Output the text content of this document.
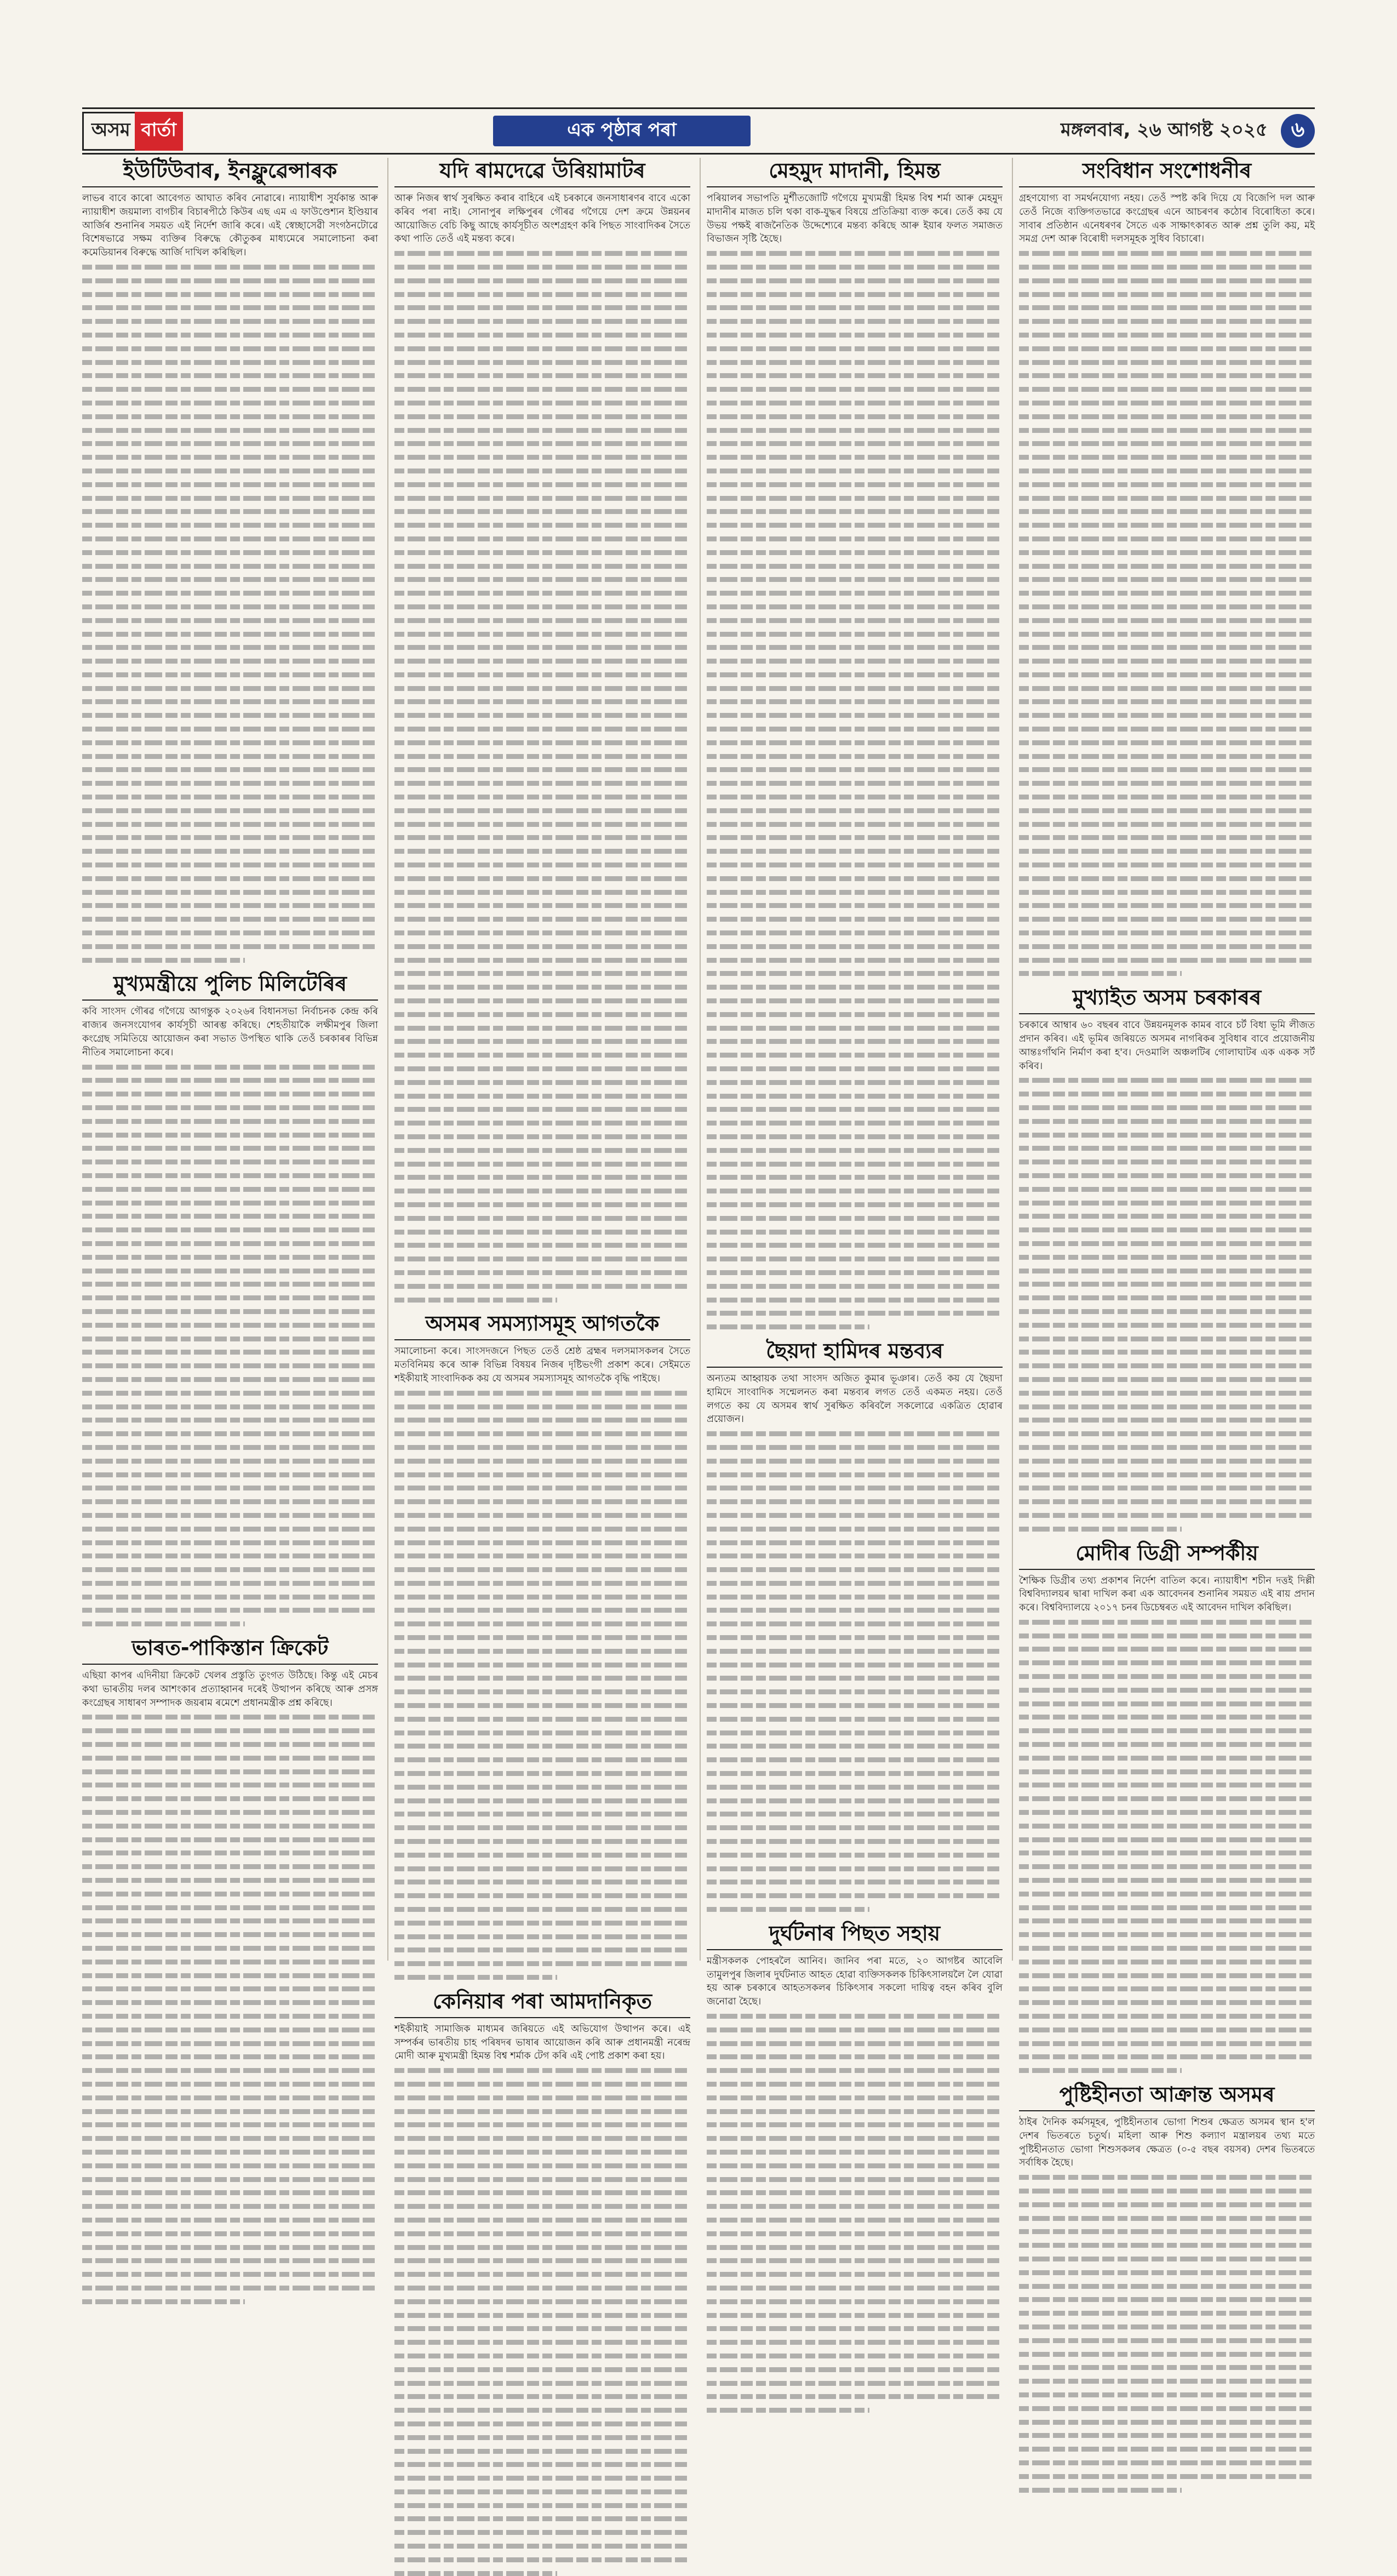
অসম বাৰ্তা	এক পৃষ্ঠাৰ পৰা	মঙ্গলবাৰ, ২৬ আগষ্ট ২০২৫	৬
ইউটিউবাৰ, ইনফ্লুৱেন্সাৰক

লাভৰ বাবে কাৰো আবেগত আঘাত কৰিব নোৱাৰে। ন্যায়াধীশ সুৰ্যকান্ত আৰু ন্যায়াধীশ জয়মাল্য বাগচীৰ বিচাৰপীঠে কিউৰ এছ এম এ ফাউণ্ডেশ্যন ইণ্ডিয়াৰ আৰ্জিৰ শুনানিৰ সময়ত এই নিৰ্দেশ জাৰি কৰে। এই স্বেচ্ছাসেৱী সংগঠনটোৱে বিশেষভাৱে সক্ষম ব্যক্তিৰ বিৰুদ্ধে কৌতুকৰ মাধ্যমেৰে সমালোচনা কৰা কমেডিয়ানৰ বিৰুদ্ধে আৰ্জি দাখিল কৰিছিল।

মুখ্যমন্ত্ৰীয়ে পুলিচ মিলিটেৰিৰ

কবি সাংসদ গৌৰৱ গগৈয়ে আগন্তুক ২০২৬ৰ বিধানসভা নিৰ্বাচনক কেন্দ্ৰ কৰি ৰাজ্যৰ জনসংযোগৰ কাৰ্যসূচী আৰম্ভ কৰিছে। শেহতীয়াকৈ লক্ষীমপুৰ জিলা কংগ্ৰেছ সমিতিয়ে আয়োজন কৰা সভাত উপস্থিত থাকি তেওঁ চৰকাৰৰ বিভিন্ন নীতিৰ সমালোচনা কৰে।

ভাৰত-পাকিস্তান ক্ৰিকেট

এছিয়া কাপৰ এদিনীয়া ক্ৰিকেট খেলৰ প্ৰস্তুতি তুংগত উঠিছে। কিন্তু এই মেচৰ কথা ভাৰতীয় দলৰ আশংকাৰ প্ৰত্যাহ্বানৰ দৰেই উত্থাপন কৰিছে আৰু প্ৰসঙ্গ কংগ্ৰেছৰ সাধাৰণ সম্পাদক জয়ৰাম ৰমেশে প্ৰধানমন্ত্ৰীক প্ৰশ্ন কৰিছে।

যদি ৰামদেৱে উৰিয়ামাটৰ

আৰু নিজৰ স্বাৰ্থ সুৰক্ষিত কৰাৰ বাহিৰে এই চৰকাৰে জনসাধাৰণৰ বাবে একো কৰিব পৰা নাই। সোনাপুৰ লক্ষিপুৰৰ গৌৰৱ গগৈয়ে দেশ ক্ৰমে উন্নয়নৰ আয়োজিত বেচি কিছু আছে কাৰ্যসূচীত অংশগ্ৰহণ কৰি পিছত সাংবাদিকৰ সৈতে কথা পাতি তেওঁ এই মন্তব্য কৰে।

অসমৰ সমস্যাসমূহ আগতকৈ

সমালোচনা কৰে। সাংসদজনে পিছত তেওঁ শ্ৰেষ্ঠ ব্ৰহ্মৰ দলসমাসকলৰ সৈতে মতবিনিময় কৰে আৰু বিভিন্ন বিষয়ৰ নিজৰ দৃষ্টিভংগী প্ৰকাশ কৰে। সেইমতে শইকীয়াই সাংবাদিকক কয় যে অসমৰ সমস্যাসমূহ আগতকৈ বৃদ্ধি পাইছে।

কেনিয়াৰ পৰা আমদানিকৃত

শইকীয়াই সামাজিক মাধ্যমৰ জৰিয়তে এই অভিযোগ উত্থাপন কৰে। এই সম্পৰ্কৰ ভাৰতীয় চাহ পৰিষদৰ ভাষাৰ আয়োজন কৰি আৰু প্ৰধানমন্ত্ৰী নৰেন্দ্ৰ মোদী আৰু মুখ্যমন্ত্ৰী হিমন্ত বিশ্ব শৰ্মাক টেগ কৰি এই পোষ্ট প্ৰকাশ কৰা হয়।

মেহমুদ মাদানী, হিমন্ত

পৰিয়ালৰ সভাপতি মুৰ্শীতজোটি গগৈয়ে মুখ্যমন্ত্ৰী হিমন্ত বিশ্ব শৰ্মা আৰু মেহমুদ মাদানীৰ মাজত চলি থকা বাক-যুদ্ধৰ বিষয়ে প্ৰতিক্ৰিয়া ব্যক্ত কৰে। তেওঁ কয় যে উভয় পক্ষই ৰাজনৈতিক উদ্দেশ্যেৰে মন্তব্য কৰিছে আৰু ইয়াৰ ফলত সমাজত বিভাজন সৃষ্টি হৈছে।

ছৈয়দা হামিদৰ মন্তব্যৰ

অন্যতম আহ্বায়ক তথা সাংসদ অজিত কুমাৰ ভূঞাৰ। তেওঁ কয় যে ছৈয়দা হামিদে সাংবাদিক সন্মেলনত কৰা মন্তব্যৰ লগত তেওঁ একমত নহয়। তেওঁ লগতে কয় যে অসমৰ স্বাৰ্থ সুৰক্ষিত কৰিবলৈ সকলোৱে একত্ৰিত হোৱাৰ প্ৰয়োজন।

দুৰ্ঘটনাৰ পিছত সহায়

মন্ত্ৰীসকলক পোহৰলৈ আনিব। জানিব পৰা মতে, ২০ আগষ্টৰ আবেলি তামুলপুৰ জিলাৰ দুৰ্ঘটনাত আহত হোৱা ব্যক্তিসকলক চিকিৎসালয়লৈ লৈ যোৱা হয় আৰু চৰকাৰে আহতসকলৰ চিকিৎসাৰ সকলো দায়িত্ব বহন কৰিব বুলি জনোৱা হৈছে।

সংবিধান সংশোধনীৰ

গ্ৰহণযোগ্য বা সমৰ্থনযোগ্য নহয়। তেওঁ স্পষ্ট কৰি দিয়ে যে বিজেপি দল আৰু তেওঁ নিজে ব্যক্তিগতভাৱে কংগ্ৰেছৰ এনে আচৰণৰ কঠোৰ বিৰোধিতা কৰে। সাবাৰ প্ৰতিষ্ঠান এনেধৰণৰ সৈতে এক সাক্ষাৎকাৰত আৰু প্ৰশ্ন তুলি কয়, মই সমগ্ৰ দেশ আৰু বিৰোধী দলসমূহক সুধিব বিচাৰো।

মুখ্যাইত অসম চৰকাৰৰ

চৰকাৰে আম্বাৰ ৬০ বছৰৰ বাবে উন্নয়নমূলক কামৰ বাবে চৰ্ট বিধা ভূমি লীজত প্ৰদান কৰিব। এই ভূমিৰ জৰিয়তে অসমৰ নাগৰিকৰ সুবিধাৰ বাবে প্ৰয়োজনীয় আন্তঃগাঁথনি নিৰ্মাণ কৰা হ'ব। দেওমালি অঞ্চলটিৰ গোলাঘাটৰ এক একক সৰ্ট কৰিব।

মোদীৰ ডিগ্ৰী সম্পৰ্কীয়

শৈক্ষিক ডিগ্ৰীৰ তথ্য প্ৰকাশৰ নিৰ্দেশ বাতিল কৰে। ন্যায়াধীশ শচীন দত্তই দিল্লী বিশ্ববিদ্যালয়ৰ দ্বাৰা দাখিল কৰা এক আবেদনৰ শুনানিৰ সময়ত এই ৰায় প্ৰদান কৰে। বিশ্ববিদ্যালয়ে ২০১৭ চনৰ ডিচেম্বৰত এই আবেদন দাখিল কৰিছিল।

পুষ্টিহীনতা আক্ৰান্ত অসমৰ

ঠাইৰ দৈনিক কৰ্মসমূহৰ, পুষ্টিহীনতাৰ ভোগা শিশুৰ ক্ষেত্ৰত অসমৰ স্থান হ'ল দেশৰ ভিতৰতে চতুৰ্থ। মহিলা আৰু শিশু কল্যাণ মন্ত্ৰালয়ৰ তথ্য মতে পুষ্টিহীনতাত ভোগা শিশুসকলৰ ক্ষেত্ৰত (০-৫ বছৰ বয়সৰ) দেশৰ ভিতৰতে সৰ্বাধিক হৈছে।
